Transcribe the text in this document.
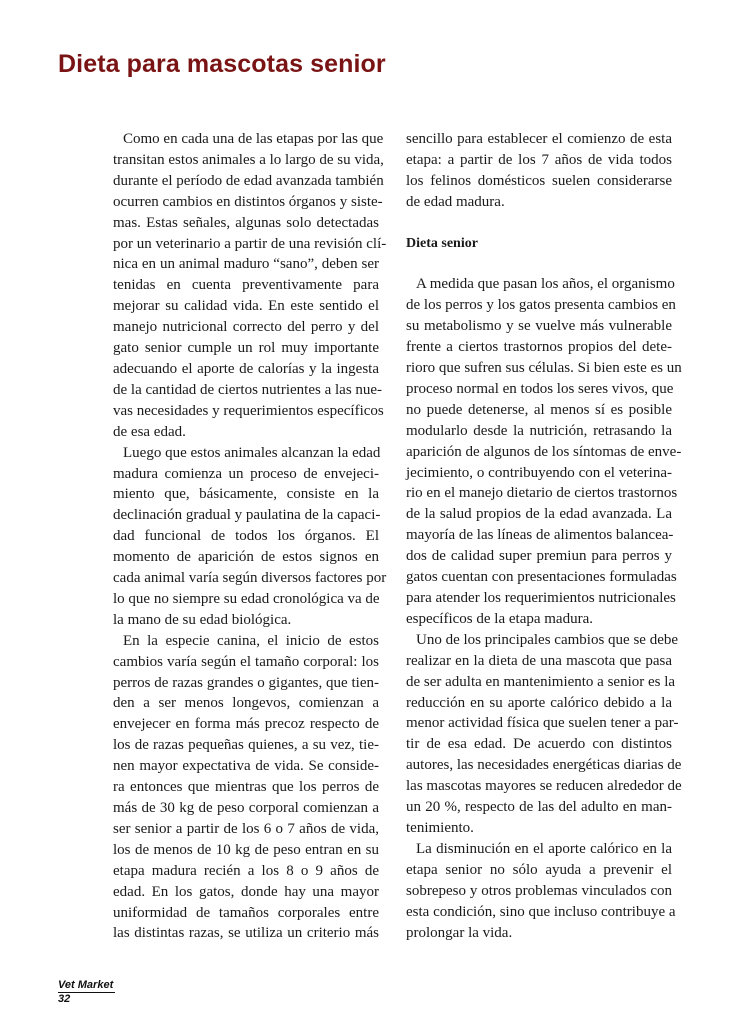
Dieta para mascotas senior

Como en cada una de las etapas por las que

transitan estos animales a lo largo de su vida,

durante el período de edad avanzada también

ocurren cambios en distintos órganos y siste-

mas. Estas señales, algunas solo detectadas

por un veterinario a partir de una revisión clí-

nica en un animal maduro “sano”, deben ser

tenidas en cuenta preventivamente para

mejorar su calidad vida. En este sentido el

manejo nutricional correcto del perro y del

gato senior cumple un rol muy importante

adecuando el aporte de calorías y la ingesta

de la cantidad de ciertos nutrientes a las nue-

vas necesidades y requerimientos específicos

de esa edad.

Luego que estos animales alcanzan la edad

madura comienza un proceso de envejeci-

miento que, básicamente, consiste en la

declinación gradual y paulatina de la capaci-

dad funcional de todos los órganos. El

momento de aparición de estos signos en

cada animal varía según diversos factores por

lo que no siempre su edad cronológica va de

la mano de su edad biológica.

En la especie canina, el inicio de estos

cambios varía según el tamaño corporal: los

perros de razas grandes o gigantes, que tien-

den a ser menos longevos, comienzan a

envejecer en forma más precoz respecto de

los de razas pequeñas quienes, a su vez, tie-

nen mayor expectativa de vida. Se conside-

ra entonces que mientras que los perros de

más de 30 kg de peso corporal comienzan a

ser senior a partir de los 6 o 7 años de vida,

los de menos de 10 kg de peso entran en su

etapa madura recién a los 8 o 9 años de

edad. En los gatos, donde hay una mayor

uniformidad de tamaños corporales entre

las distintas razas, se utiliza un criterio más

sencillo para establecer el comienzo de esta

etapa: a partir de los 7 años de vida todos

los felinos domésticos suelen considerarse

de edad madura.

Dieta senior

A medida que pasan los años, el organismo

de los perros y los gatos presenta cambios en

su metabolismo y se vuelve más vulnerable

frente a ciertos trastornos propios del dete-

rioro que sufren sus células. Si bien este es un

proceso normal en todos los seres vivos, que

no puede detenerse, al menos sí es posible

modularlo desde la nutrición, retrasando la

aparición de algunos de los síntomas de enve-

jecimiento, o contribuyendo con el veterina-

rio en el manejo dietario de ciertos trastornos

de la salud propios de la edad avanzada. La

mayoría de las líneas de alimentos balancea-

dos de calidad super premiun para perros y

gatos cuentan con presentaciones formuladas

para atender los requerimientos nutricionales

específicos de la etapa madura.

Uno de los principales cambios que se debe

realizar en la dieta de una mascota que pasa

de ser adulta en mantenimiento a senior es la

reducción en su aporte calórico debido a la

menor actividad física que suelen tener a par-

tir de esa edad. De acuerdo con distintos

autores, las necesidades energéticas diarias de

las mascotas mayores se reducen alrededor de

un 20 %, respecto de las del adulto en man-

tenimiento.

La disminución en el aporte calórico en la

etapa senior no sólo ayuda a prevenir el

sobrepeso y otros problemas vinculados con

esta condición, sino que incluso contribuye a

prolongar la vida.

Vet Market
32
